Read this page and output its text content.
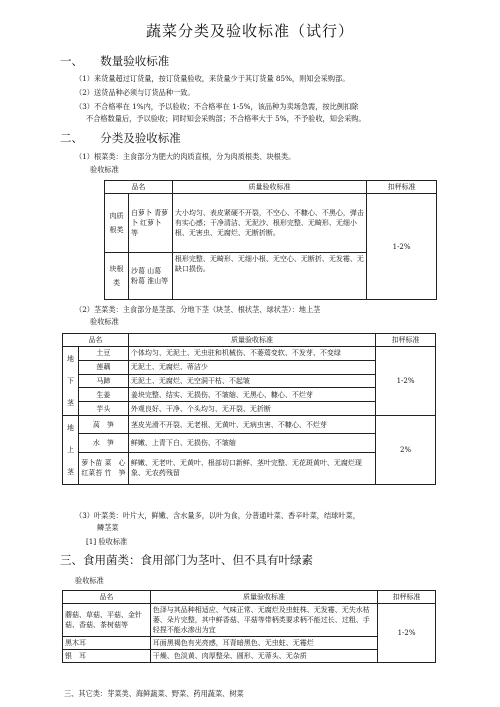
蔬菜分类及验收标准（试行）
一、　　数量验收标准
（1）来货量超过订货量，按订货量验收，来货量少于其订货量 85%，则知会采购部。
（2）送货品种必须与订货品种一致。
（3）不合格率在 1%内，予以验收；不合格率在 1-5%，该品种为卖场急需，按比例扣除
不合格数量后，予以验收；同时知会采购部；不合格率大于 5%，不予验收，知会采购。
二、　　分类及验收标准
（1）根菜类：主食部分为肥大的肉质直根，分为肉质根类、块根类。
验收标准
品名		质量验收标准	扣秤标准
肉质根类	白萝卜 青萝卜 红萝卜 等	大小均匀、表皮紧硬不开裂，不空心、不糠心、不黑心，弹击有实心感；干净清洁、无泥沙、根形完整、无畸形、无细小根、无害虫、无腐烂、无断折断。	1-2%
块根类	沙葛 山葛 粉葛 淮山等	根形完整、无畸形、无细小根、无空心、无断折、无发霉、无缺口损伤。	
（2）茎菜类：主食部分是茎部、分地下茎（块茎、根状茎、球状茎）：地上茎
验收标准
品名		质量验收标准	扣秤标准
地下茎	土豆	个体均匀、无泥土、无虫驻和机械伤、不萎蔫变软、不发芽、不变绿	1-2%
	莲藕	无泥土、无腐烂、蒂洁少	
	马蹄	无泥土、无腐烂、无空洞干枯、不起皱	
	生姜	姜块完整、结实、无损伤、不皱缩、无黑心、糠心、不烂芽	
	芋头	外观良好、干净、个头均匀、无开裂、无折断	
地上茎	莴　笋	茎皮光滑不开裂、无老根、无黄叶、无病虫害、不糠心、不烂芽	2%
	水　笋	鲜嫩、上青下白、无损伤、不皱缩	
	萝卜苗 菜　心 红菜苔 竹　笋	鲜嫩、无老叶、无黄叶、根部切口新鲜、茎叶完整、无花斑黄叶、无腐烂现象、无农药残留	
（3）叶菜类：叶片大，鲜嫩、含水量多，以叶为食，分普通叶菜、香辛叶菜，结球叶菜，
鳞茎菜
[1] 验收标准
三、食用菌类：食用部门为茎叶、但不具有叶绿素
验收标准
品名	质量验收标准	扣秤标准
蘑菇、草菇、平菇、金针菇、香菇、茶树菇等	色泽与其品种相适应、气味正常、无腐烂及虫蛀株、无发霉、无失水枯萎、朵片完整，其中鲜香菇、平菇等带柄类要求柄不能过长、过粗、手轻捏不能水渗出为宜	1-2%
黑木耳	耳面黑褐色有光亮感，耳背暗黑色、无虫蛀、无霉烂	
银　耳	干燥、色淡黄、肉厚整朵、圆形、无蒂头、无杂质	
三、其它类：芽菜类、海鲜蔬菜、野菜、药用蔬菜、树菜
